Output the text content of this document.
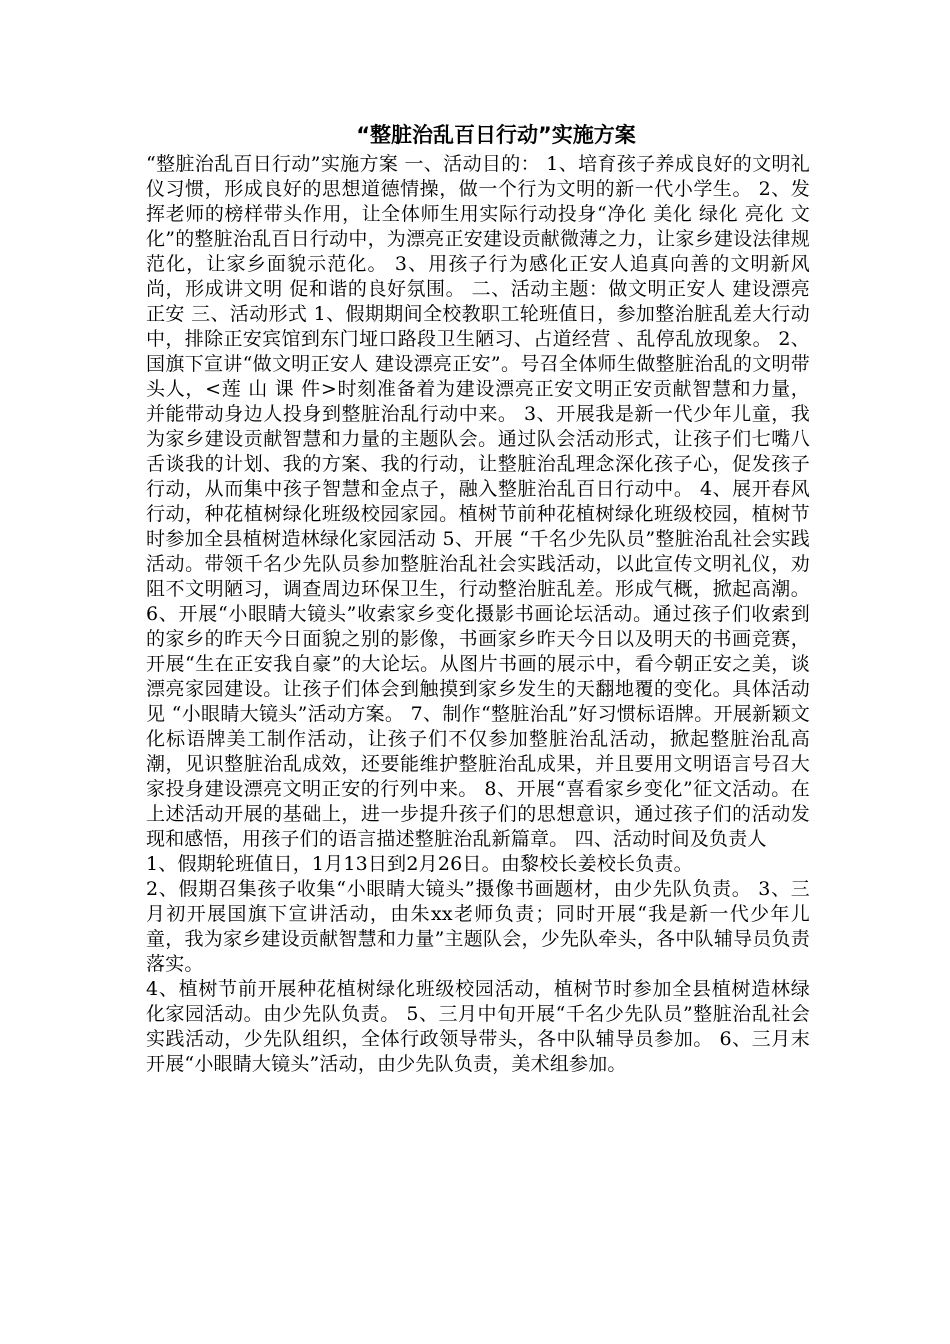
“整脏治乱百日行动”实施方案

“整脏治乱百日行动”实施方案 一、活动目的： 1、培育孩子养成良好的文明礼仪习惯，形成良好的思想道德情操，做一个行为文明的新一代小学生。 2、发挥老师的榜样带头作用，让全体师生用实际行动投身“净化 美化 绿化 亮化 文化”的整脏治乱百日行动中，为漂亮正安建设贡献微薄之力，让家乡建设法律规范化，让家乡面貌示范化。 3、用孩子行为感化正安人追真向善的文明新风尚，形成讲文明 促和谐的良好氛围。 二、活动主题：做文明正安人 建设漂亮正安 三、活动形式 1、假期期间全校教职工轮班值日，参加整治脏乱差大行动中，排除正安宾馆到东门垭口路段卫生陋习、占道经营 、乱停乱放现象。 2、国旗下宣讲“做文明正安人 建设漂亮正安”。号召全体师生做整脏治乱的文明带头人，<莲 山 课 件>时刻准备着为建设漂亮正安文明正安贡献智慧和力量，并能带动身边人投身到整脏治乱行动中来。 3、开展我是新一代少年儿童，我为家乡建设贡献智慧和力量的主题队会。通过队会活动形式，让孩子们七嘴八舌谈我的计划、我的方案、我的行动，让整脏治乱理念深化孩子心，促发孩子行动，从而集中孩子智慧和金点子，融入整脏治乱百日行动中。 4、展开春风行动，种花植树绿化班级校园家园。植树节前种花植树绿化班级校园，植树节时参加全县植树造林绿化家园活动 5、开展 “千名少先队员”整脏治乱社会实践活动。带领千名少先队员参加整脏治乱社会实践活动，以此宣传文明礼仪，劝阻不文明陋习，调查周边环保卫生，行动整治脏乱差。形成气概，掀起高潮。 6、开展“小眼睛大镜头”收索家乡变化摄影书画论坛活动。通过孩子们收索到的家乡的昨天今日面貌之别的影像，书画家乡昨天今日以及明天的书画竞赛，开展“生在正安我自豪”的大论坛。从图片书画的展示中，看今朝正安之美，谈漂亮家园建设。让孩子们体会到触摸到家乡发生的天翻地覆的变化。具体活动见 “小眼睛大镜头”活动方案。 7、制作“整脏治乱”好习惯标语牌。开展新颖文化标语牌美工制作活动，让孩子们不仅参加整脏治乱活动，掀起整脏治乱高潮，见识整脏治乱成效，还要能维护整脏治乱成果，并且要用文明语言号召大家投身建设漂亮文明正安的行列中来。 8、开展“喜看家乡变化”征文活动。在上述活动开展的基础上，进一步提升孩子们的思想意识，通过孩子们的活动发现和感悟，用孩子们的语言描述整脏治乱新篇章。 四、活动时间及负责人

1、假期轮班值日，1月13日到2月26日。由黎校长姜校长负责。

2、假期召集孩子收集“小眼睛大镜头”摄像书画题材，由少先队负责。 3、三月初开展国旗下宣讲活动，由朱xx老师负责；同时开展“我是新一代少年儿童，我为家乡建设贡献智慧和力量”主题队会，少先队牵头，各中队辅导员负责落实。

4、植树节前开展种花植树绿化班级校园活动，植树节时参加全县植树造林绿化家园活动。由少先队负责。 5、三月中旬开展“千名少先队员”整脏治乱社会实践活动，少先队组织，全体行政领导带头，各中队辅导员参加。 6、三月末开展“小眼睛大镜头”活动，由少先队负责，美术组参加。
